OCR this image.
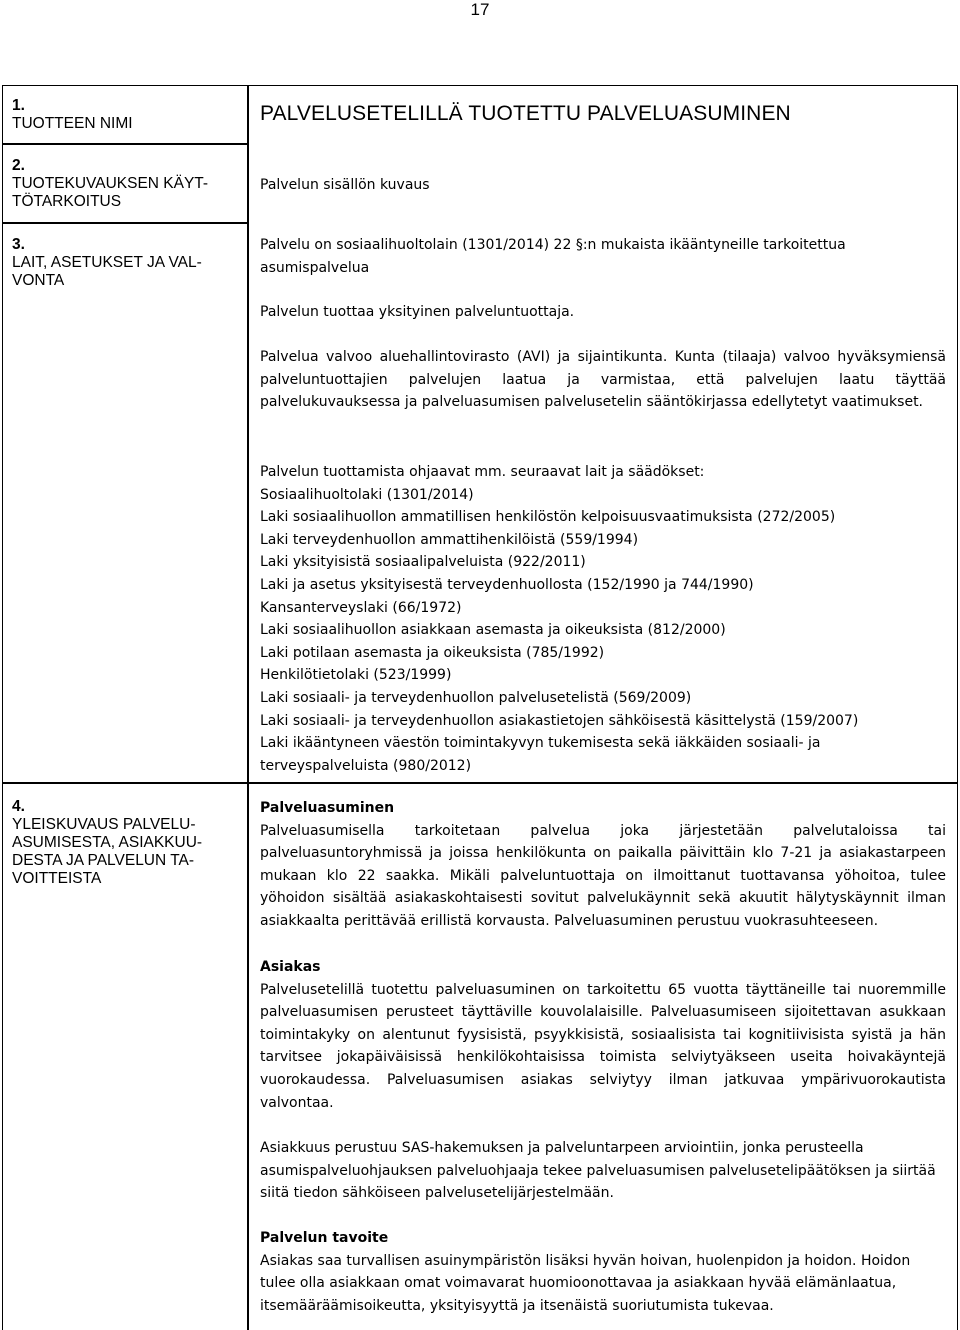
17
1.
TUOTTEEN NIMI
2.
TUOTEKUVAUKSEN KÄYT-TÖTARKOITUS
3.
LAIT, ASETUKSET JA VAL-VONTA
4.
YLEISKUVAUS PALVELU-ASUMISESTA, ASIAKKUU-DESTA JA PALVELUN TA-VOITTEISTA
PALVELUSETELILLÄ TUOTETTU PALVELUASUMINEN
Palvelun sisällön kuvaus
Palvelu on sosiaalihuoltolain (1301/2014) 22 §:n mukaista ikääntyneille tarkoitettua asumispalvelua
Palvelun tuottaa yksityinen palveluntuottaja.
Palvelua valvoo aluehallintovirasto (AVI) ja sijaintikunta. Kunta (tilaaja) valvoo hyväksymiensä palveluntuottajien palvelujen laatua ja varmistaa, että palvelujen laatu täyttää palvelukuvauksessa ja palveluasumisen palvelusetelin sääntökirjassa edellytetyt vaatimukset.
Palvelun tuottamista ohjaavat mm. seuraavat lait ja säädökset:
Sosiaalihuoltolaki (1301/2014)
Laki sosiaalihuollon ammatillisen henkilöstön kelpoisuusvaatimuksista (272/2005)
Laki terveydenhuollon ammattihenkilöistä (559/1994)
Laki yksityisistä sosiaalipalveluista (922/2011)
Laki ja asetus yksityisestä terveydenhuollosta (152/1990 ja 744/1990)
Kansanterveyslaki (66/1972)
Laki sosiaalihuollon asiakkaan asemasta ja oikeuksista (812/2000)
Laki potilaan asemasta ja oikeuksista (785/1992)
Henkilötietolaki (523/1999)
Laki sosiaali- ja terveydenhuollon palvelusetelistä (569/2009)
Laki sosiaali- ja terveydenhuollon asiakastietojen sähköisestä käsittelystä (159/2007)
Laki ikääntyneen väestön toimintakyvyn tukemisesta sekä iäkkäiden sosiaali- ja terveyspalveluista (980/2012)
Palveluasuminen
Palveluasumisella tarkoitetaan palvelua joka järjestetään palvelutaloissa tai palveluasuntoryhmissä ja joissa henkilökunta on paikalla päivittäin klo 7-21 ja asiakastarpeen mukaan klo 22 saakka. Mikäli palveluntuottaja on ilmoittanut tuottavansa yöhoitoa, tulee yöhoidon sisältää asiakaskohtaisesti sovitut palvelukäynnit sekä akuutit hälytyskäynnit ilman asiakkaalta perittävää erillistä korvausta. Palveluasuminen perustuu vuokrasuhteeseen.
Asiakas
Palvelusetelillä tuotettu palveluasuminen on tarkoitettu 65 vuotta täyttäneille tai nuoremmille palveluasumisen perusteet täyttäville kouvolalaisille. Palveluasumiseen sijoitettavan asukkaan toimintakyky on alentunut fyysisistä, psyykkisistä, sosiaalisista tai kognitiivisista syistä ja hän tarvitsee jokapäiväisissä henkilökohtaisissa toimista selviytyäkseen useita hoivakäyntejä vuorokaudessa. Palveluasumisen asiakas selviytyy ilman jatkuvaa ympärivuorokautista valvontaa.
Asiakkuus perustuu SAS-hakemuksen ja palveluntarpeen arviointiin, jonka perusteella asumispalveluohjauksen palveluohjaaja tekee palveluasumisen palvelusetelipäätöksen ja siirtää siitä tiedon sähköiseen palvelusetelijärjestelmään.
Palvelun tavoite
Asiakas saa turvallisen asuinympäristön lisäksi hyvän hoivan, huolenpidon ja hoidon. Hoidon tulee olla asiakkaan omat voimavarat huomioonottavaa ja asiakkaan hyvää elämänlaatua, itsemääräämisoikeutta, yksityisyyttä ja itsenäistä suoriutumista tukevaa.
